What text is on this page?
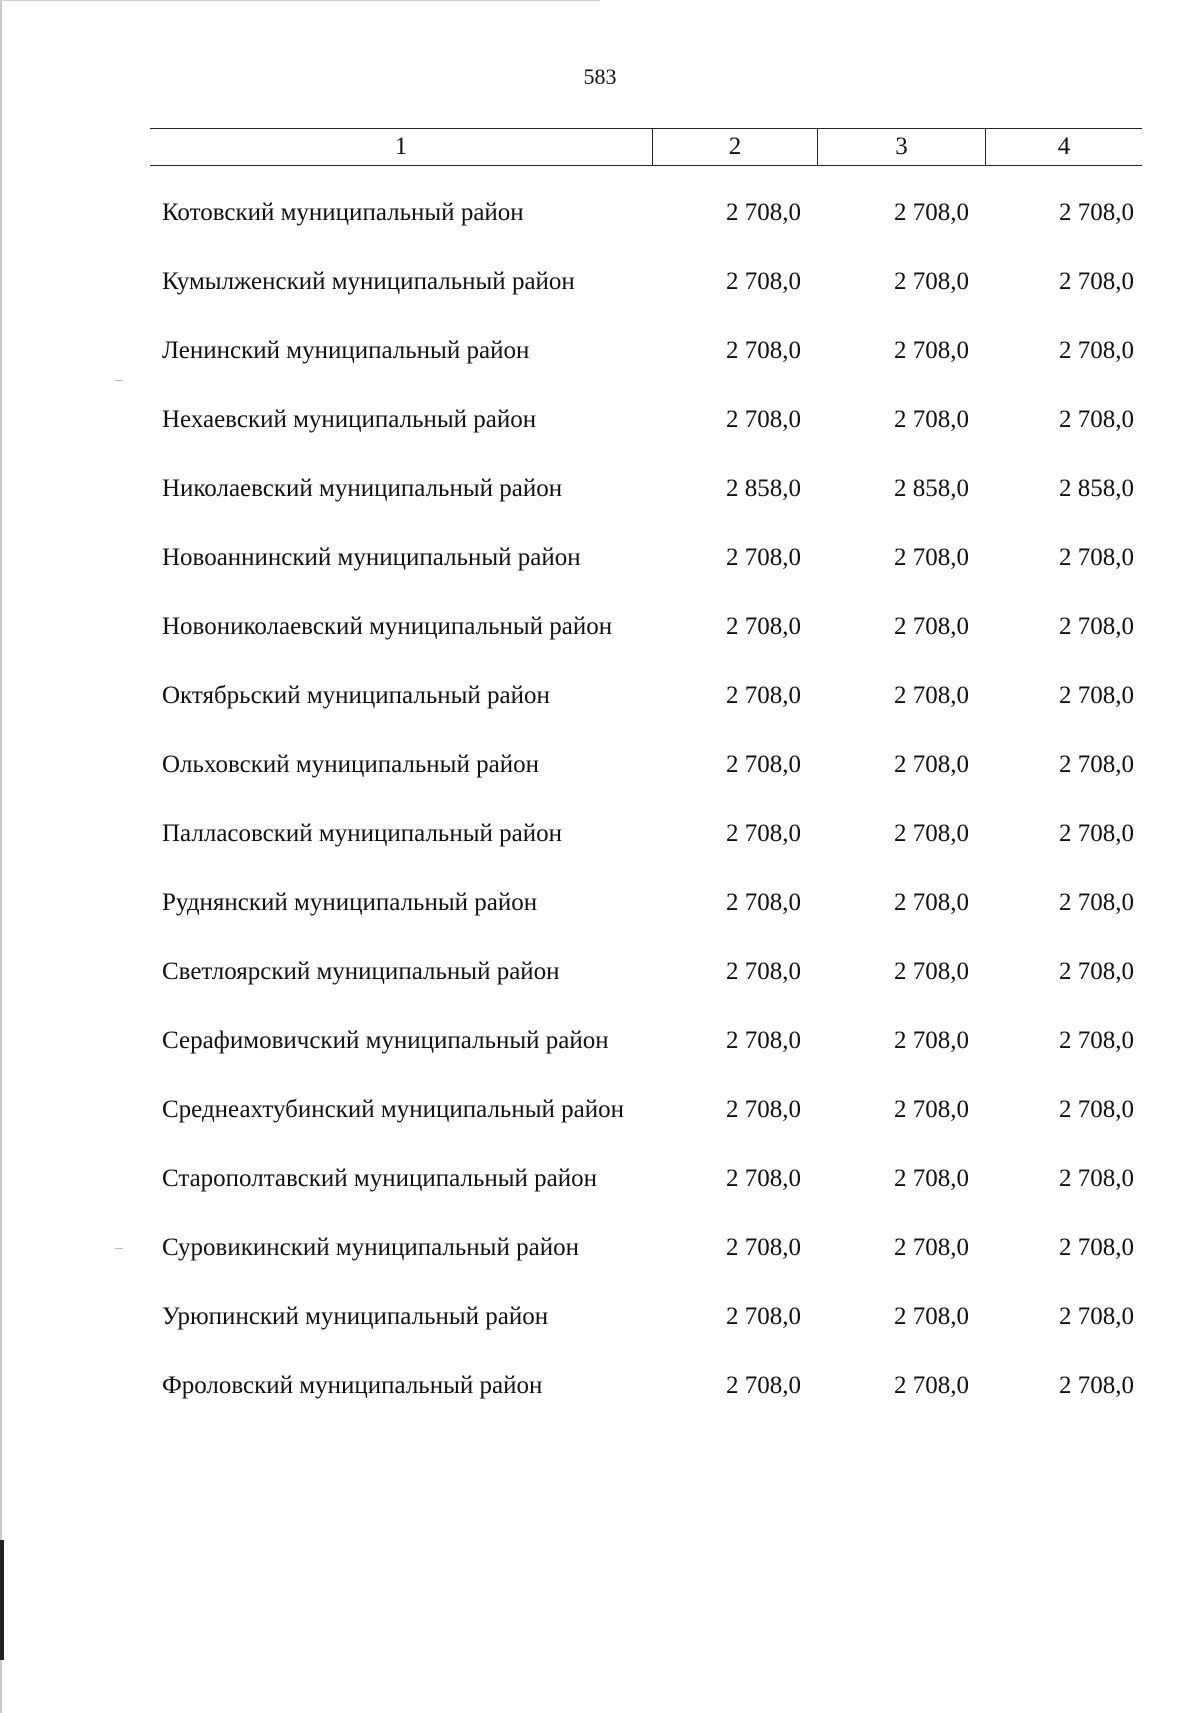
583
1	2	3	4
Котовский муниципальный район	2 708,0	2 708,0	2 708,0
Кумылженский муниципальный район	2 708,0	2 708,0	2 708,0
Ленинский муниципальный район	2 708,0	2 708,0	2 708,0
Нехаевский муниципальный район	2 708,0	2 708,0	2 708,0
Николаевский муниципальный район	2 858,0	2 858,0	2 858,0
Новоаннинский муниципальный район	2 708,0	2 708,0	2 708,0
Новониколаевский муниципальный район	2 708,0	2 708,0	2 708,0
Октябрьский муниципальный район	2 708,0	2 708,0	2 708,0
Ольховский муниципальный район	2 708,0	2 708,0	2 708,0
Палласовский муниципальный район	2 708,0	2 708,0	2 708,0
Руднянский муниципальный район	2 708,0	2 708,0	2 708,0
Светлоярский муниципальный район	2 708,0	2 708,0	2 708,0
Серафимовичский муниципальный район	2 708,0	2 708,0	2 708,0
Среднеахтубинский муниципальный район	2 708,0	2 708,0	2 708,0
Старополтавский муниципальный район	2 708,0	2 708,0	2 708,0
Суровикинский муниципальный район	2 708,0	2 708,0	2 708,0
Урюпинский муниципальный район	2 708,0	2 708,0	2 708,0
Фроловский муниципальный район	2 708,0	2 708,0	2 708,0
